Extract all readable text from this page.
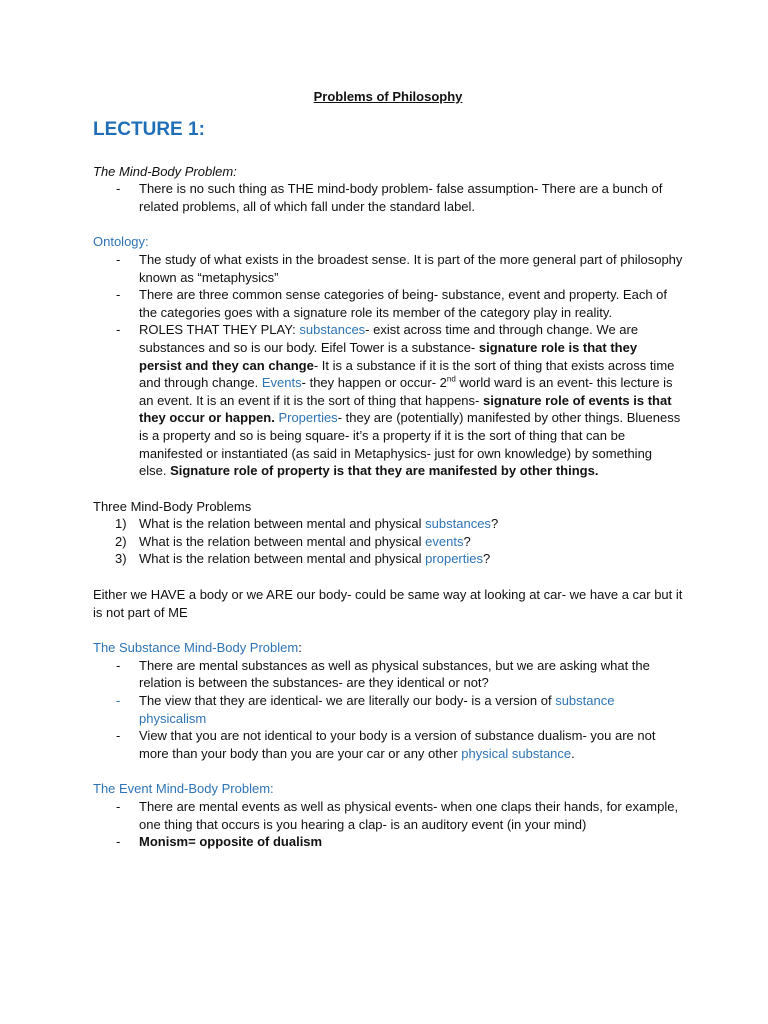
Problems of Philosophy
LECTURE 1:
The Mind-Body Problem:
- There is no such thing as THE mind-body problem- false assumption- There are a bunch of related problems, all of which fall under the standard label.
Ontology:
- The study of what exists in the broadest sense. It is part of the more general part of philosophy known as “metaphysics”
- There are three common sense categories of being- substance, event and property. Each of the categories goes with a signature role its member of the category play in reality.
- ROLES THAT THEY PLAY: substances- exist across time and through change. We are substances and so is our body. Eifel Tower is a substance- signature role is that they persist and they can change- It is a substance if it is the sort of thing that exists across time and through change. Events- they happen or occur- 2nd world ward is an event- this lecture is an event. It is an event if it is the sort of thing that happens- signature role of events is that they occur or happen. Properties- they are (potentially) manifested by other things. Blueness is a property and so is being square- it’s a property if it is the sort of thing that can be manifested or instantiated (as said in Metaphysics- just for own knowledge) by something else. Signature role of property is that they are manifested by other things.
Three Mind-Body Problems
1) What is the relation between mental and physical substances?
2) What is the relation between mental and physical events?
3) What is the relation between mental and physical properties?

Either we HAVE a body or we ARE our body- could be same way at looking at car- we have a car but it is not part of ME

The Substance Mind-Body Problem:
- There are mental substances as well as physical substances, but we are asking what the relation is between the substances- are they identical or not?
- The view that they are identical- we are literally our body- is a version of substance physicalism
- View that you are not identical to your body is a version of substance dualism- you are not more than your body than you are your car or any other physical substance.
The Event Mind-Body Problem:
- There are mental events as well as physical events- when one claps their hands, for example, one thing that occurs is you hearing a clap- is an auditory event (in your mind)
- Monism= opposite of dualism
